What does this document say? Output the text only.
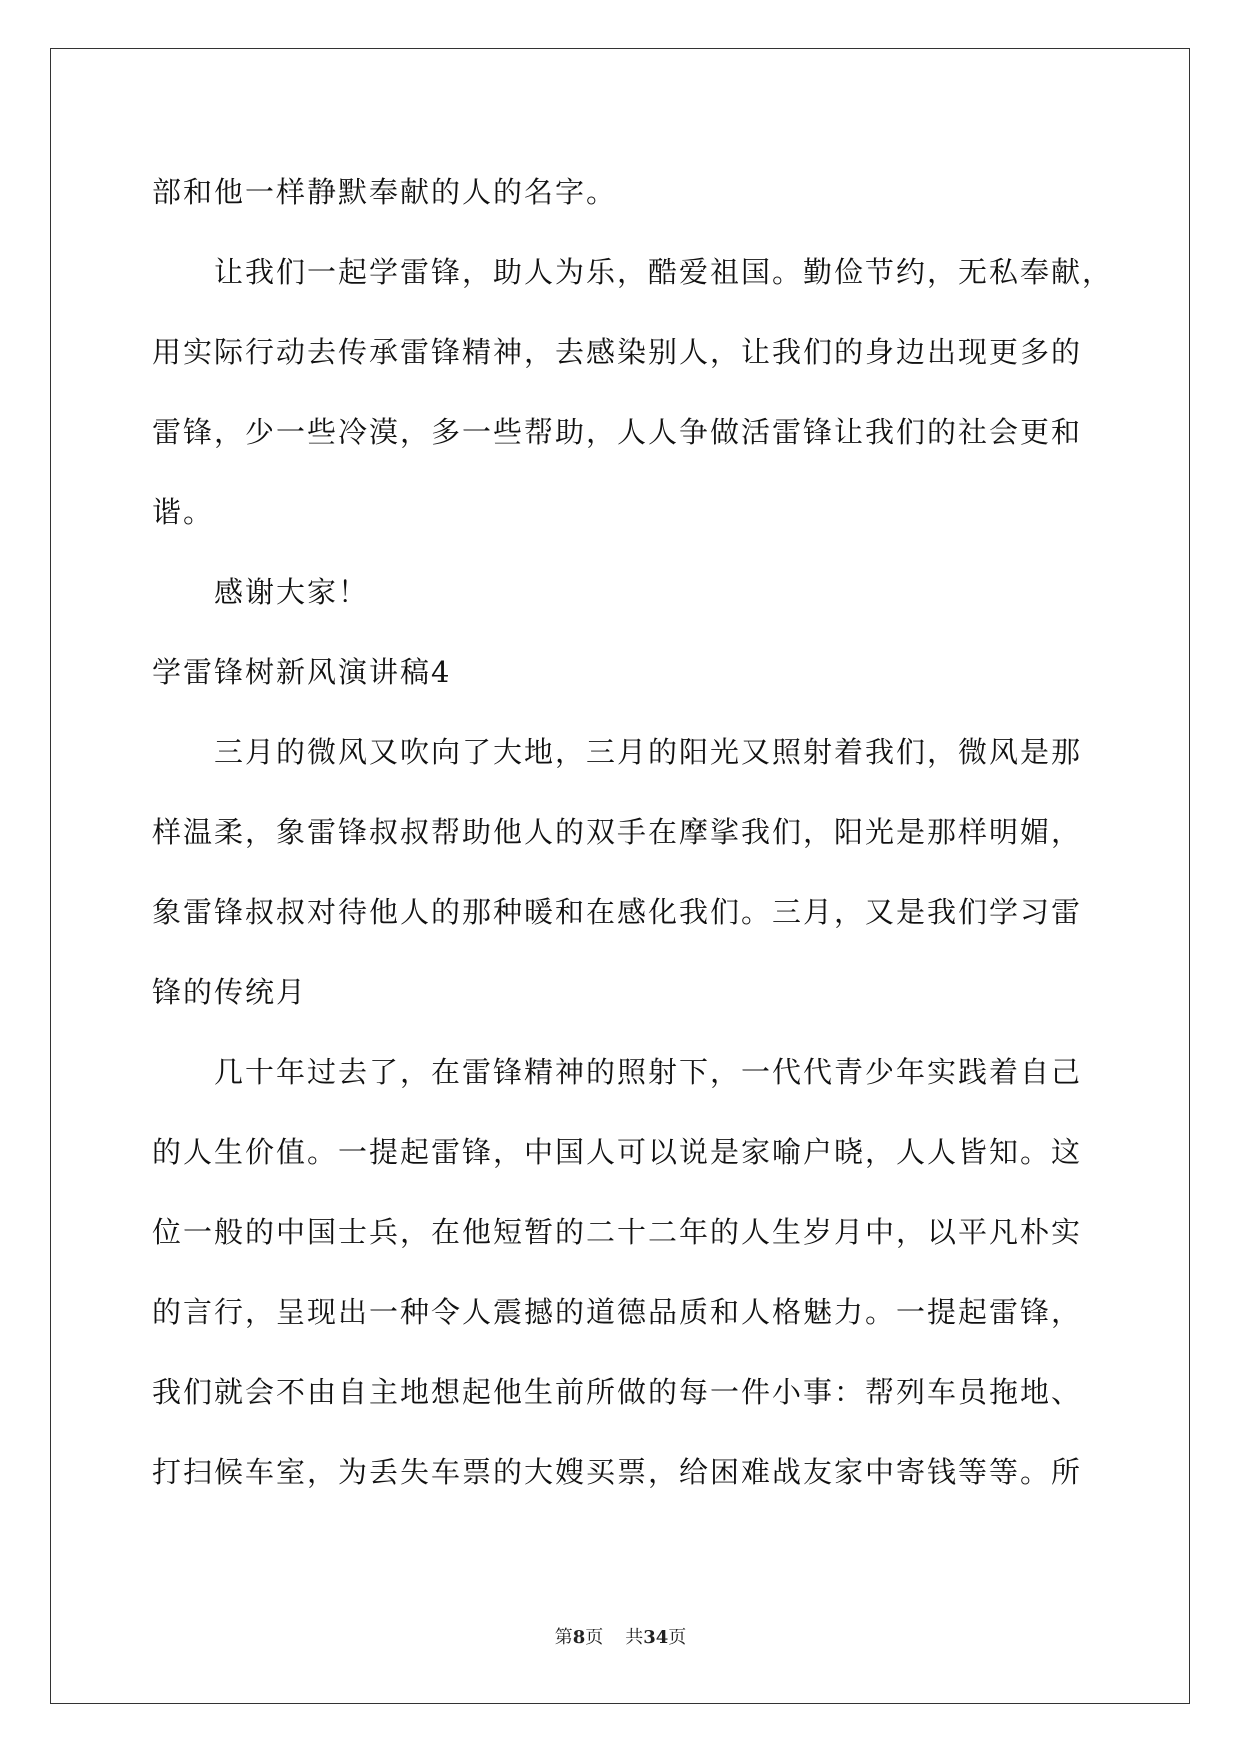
部和他一样静默奉献的人的名字。
让我们一起学雷锋，助人为乐，酷爱祖国。勤俭节约，无私奉献，
用实际行动去传承雷锋精神，去感染别人，让我们的身边出现更多的
雷锋，少一些冷漠，多一些帮助，人人争做活雷锋让我们的社会更和
谐。
感谢大家！
学雷锋树新风演讲稿4
三月的微风又吹向了大地，三月的阳光又照射着我们，微风是那
样温柔，象雷锋叔叔帮助他人的双手在摩挲我们，阳光是那样明媚，
象雷锋叔叔对待他人的那种暖和在感化我们。三月，又是我们学习雷
锋的传统月
几十年过去了，在雷锋精神的照射下，一代代青少年实践着自己
的人生价值。一提起雷锋，中国人可以说是家喻户晓，人人皆知。这
位一般的中国士兵，在他短暂的二十二年的人生岁月中，以平凡朴实
的言行，呈现出一种令人震撼的道德品质和人格魅力。一提起雷锋，
我们就会不由自主地想起他生前所做的每一件小事：帮列车员拖地、
打扫候车室，为丢失车票的大嫂买票，给困难战友家中寄钱等等。所
第8页 共34页
